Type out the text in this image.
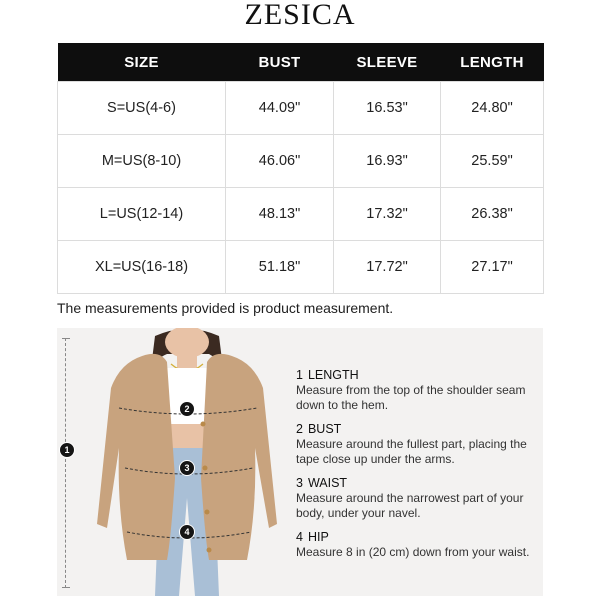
ZESICA
SIZE	BUST	SLEEVE	LENGTH
S=US(4-6)	44.09"	16.53"	24.80"
M=US(8-10)	46.06"	16.93"	25.59"
L=US(12-14)	48.13"	17.32"	26.38"
XL=US(16-18)	51.18"	17.72"	27.17"
The measurements provided is product measurement.
1
2
3
4
1 LENGTH
Measure from the top of the shoulder seam down to the hem.
2 BUST
Measure around the fullest part, placing the tape close up under the arms.
3 WAIST
Measure around the narrowest part of your body, under your navel.
4 HIP
Measure 8 in (20 cm) down from your waist.
